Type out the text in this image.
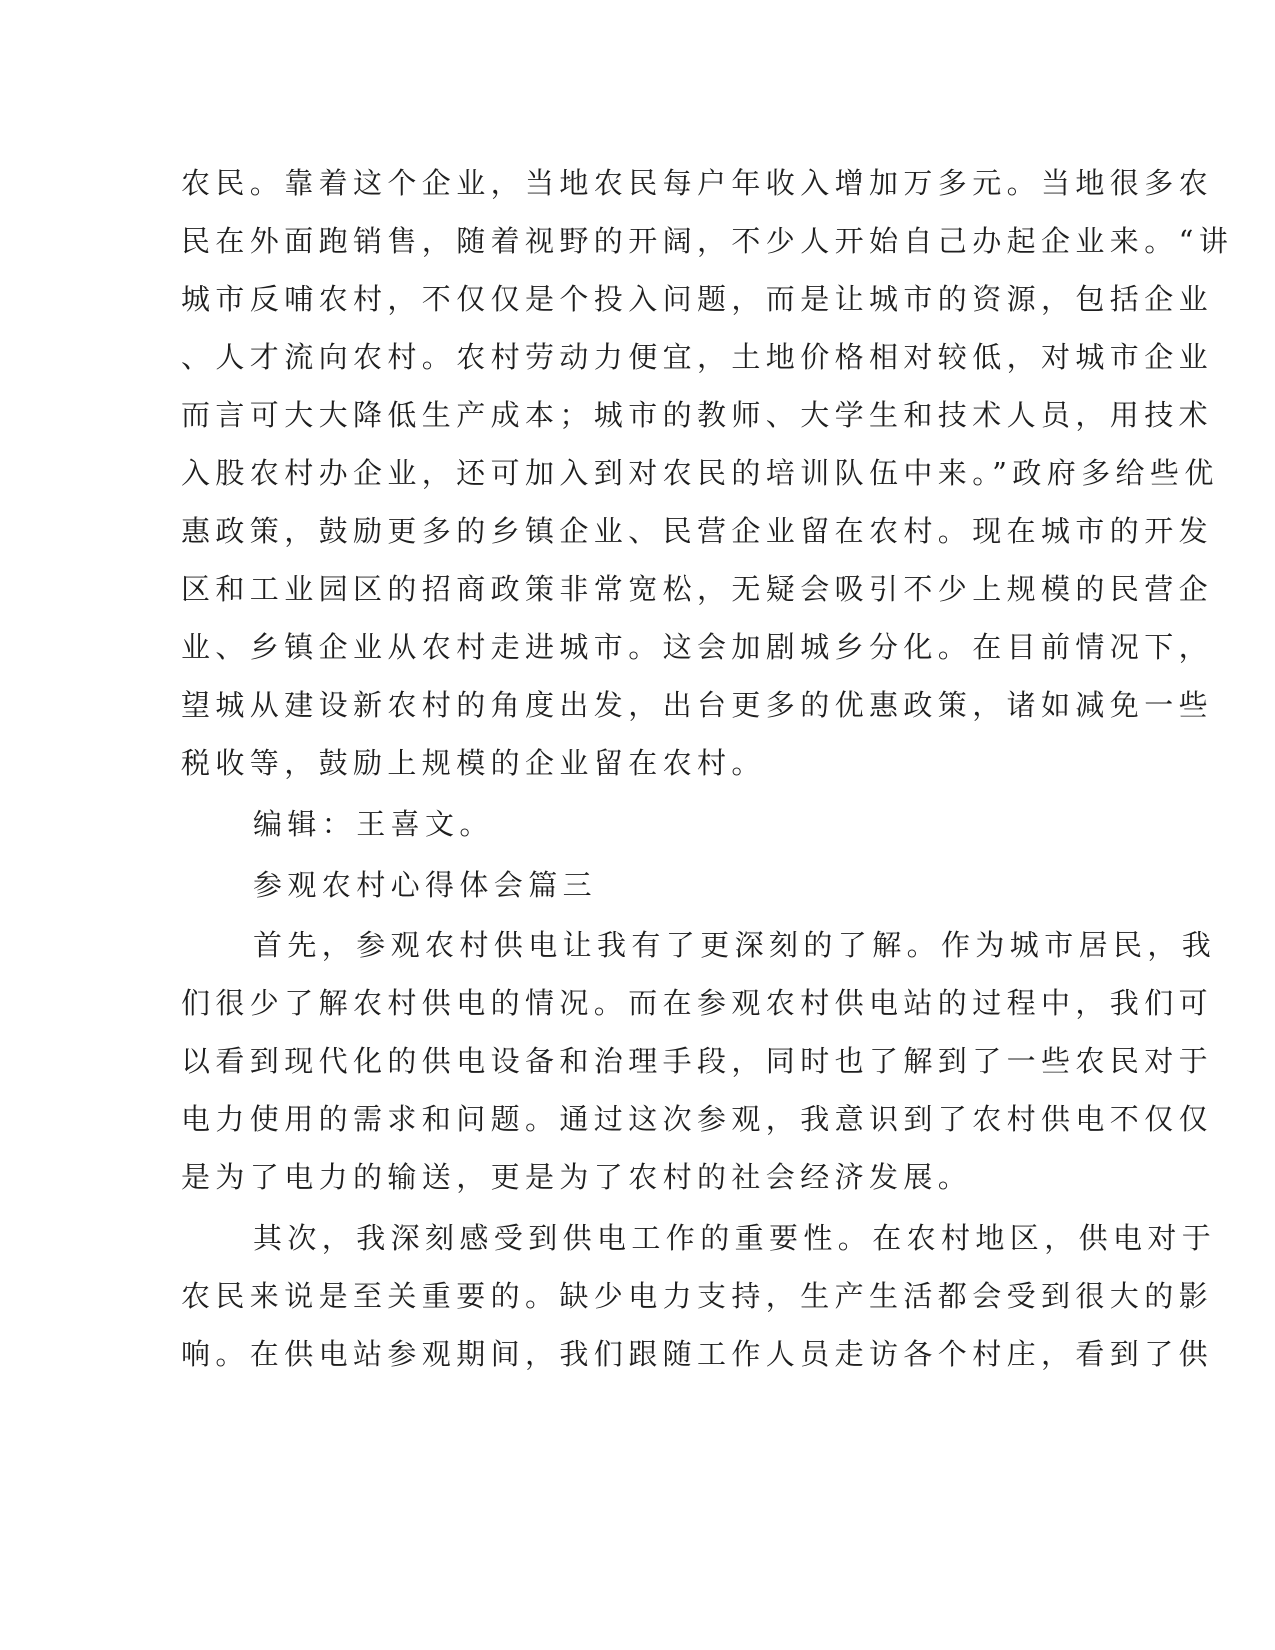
农民。靠着这个企业，当地农民每户年收入增加万多元。当地很多农
民在外面跑销售，随着视野的开阔，不少人开始自己办起企业来。“讲
城市反哺农村，不仅仅是个投入问题，而是让城市的资源，包括企业
、人才流向农村。农村劳动力便宜，土地价格相对较低，对城市企业
而言可大大降低生产成本；城市的教师、大学生和技术人员，用技术
入股农村办企业，还可加入到对农民的培训队伍中来。”政府多给些优
惠政策，鼓励更多的乡镇企业、民营企业留在农村。现在城市的开发
区和工业园区的招商政策非常宽松，无疑会吸引不少上规模的民营企
业、乡镇企业从农村走进城市。这会加剧城乡分化。在目前情况下，
望城从建设新农村的角度出发，出台更多的优惠政策，诸如减免一些
税收等，鼓励上规模的企业留在农村。
编辑：王喜文。
参观农村心得体会篇三
首先，参观农村供电让我有了更深刻的了解。作为城市居民，我
们很少了解农村供电的情况。而在参观农村供电站的过程中，我们可
以看到现代化的供电设备和治理手段，同时也了解到了一些农民对于
电力使用的需求和问题。通过这次参观，我意识到了农村供电不仅仅
是为了电力的输送，更是为了农村的社会经济发展。
其次，我深刻感受到供电工作的重要性。在农村地区，供电对于
农民来说是至关重要的。缺少电力支持，生产生活都会受到很大的影
响。在供电站参观期间，我们跟随工作人员走访各个村庄，看到了供
